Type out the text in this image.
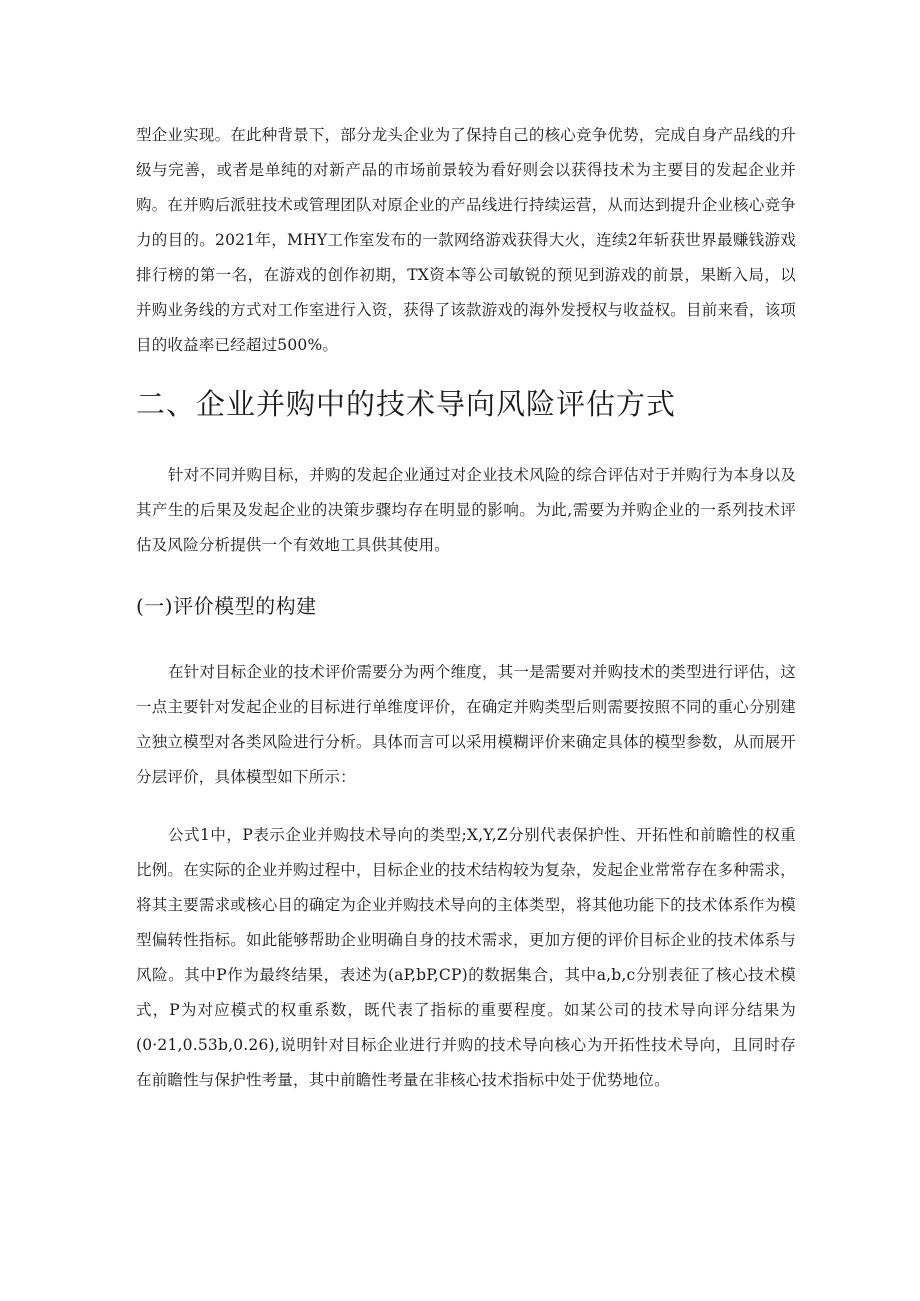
型企业实现。在此种背景下，部分龙头企业为了保持自己的核心竞争优势，完成自身产品线的升级与完善，或者是单纯的对新产品的市场前景较为看好则会以获得技术为主要目的发起企业并购。在并购后派驻技术或管理团队对原企业的产品线进行持续运营，从而达到提升企业核心竞争力的目的。2021年，MHY工作室发布的一款网络游戏获得大火，连续2年斩获世界最赚钱游戏排行榜的第一名，在游戏的创作初期，TX资本等公司敏锐的预见到游戏的前景，果断入局，以并购业务线的方式对工作室进行入资，获得了该款游戏的海外发授权与收益权。目前来看，该项目的收益率已经超过500%。

二、企业并购中的技术导向风险评估方式

针对不同并购目标，并购的发起企业通过对企业技术风险的综合评估对于并购行为本身以及其产生的后果及发起企业的决策步骤均存在明显的影响。为此,需要为并购企业的一系列技术评估及风险分析提供一个有效地工具供其使用。

(一)评价模型的构建

在针对目标企业的技术评价需要分为两个维度，其一是需要对并购技术的类型进行评估，这一点主要针对发起企业的目标进行单维度评价，在确定并购类型后则需要按照不同的重心分别建立独立模型对各类风险进行分析。具体而言可以采用模糊评价来确定具体的模型参数，从而展开分层评价，具体模型如下所示：

公式1中，P表示企业并购技术导向的类型;X,Y,Z分别代表保护性、开拓性和前瞻性的权重比例。在实际的企业并购过程中，目标企业的技术结构较为复杂，发起企业常常存在多种需求，将其主要需求或核心目的确定为企业并购技术导向的主体类型，将其他功能下的技术体系作为模型偏转性指标。如此能够帮助企业明确自身的技术需求，更加方便的评价目标企业的技术体系与风险。其中P作为最终结果，表述为(aP,bP,CP)的数据集合，其中a,b,c分别表征了核心技术模式，P为对应模式的权重系数，既代表了指标的重要程度。如某公司的技术导向评分结果为(0·21,0.53b,0.26),说明针对目标企业进行并购的技术导向核心为开拓性技术导向，且同时存在前瞻性与保护性考量，其中前瞻性考量在非核心技术指标中处于优势地位。
